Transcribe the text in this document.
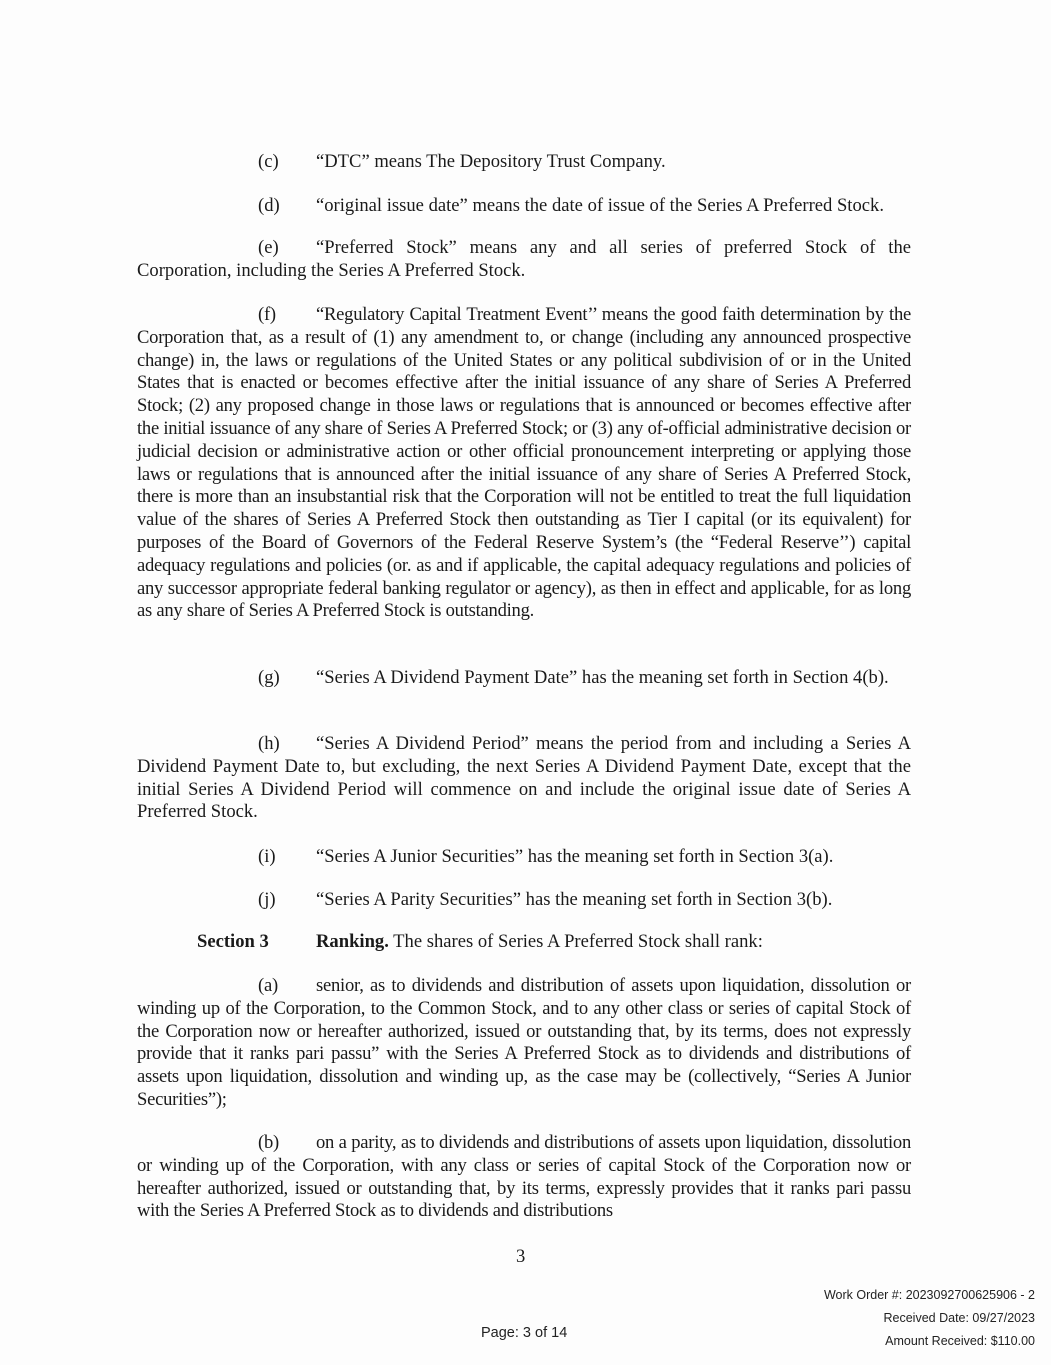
(c) “DTC” means The Depository Trust Company.

(d) “original issue date” means the date of issue of the Series A Preferred Stock.

(e) “Preferred Stock” means any and all series of preferred Stock of the Corporation, including the Series A Preferred Stock.

(f) “Regulatory Capital Treatment Event’’ means the good faith determination by the Corporation that, as a result of (1) any amendment to, or change (including any announced prospective change) in, the laws or regulations of the United States or any political subdivision of or in the United States that is enacted or becomes effective after the initial issuance of any share of Series A Preferred Stock; (2) any proposed change in those laws or regulations that is announced or becomes effective after the initial issuance of any share of Series A Preferred Stock; or (3) any of-official administrative decision or judicial decision or administrative action or other official pronouncement interpreting or applying those laws or regulations that is announced after the initial issuance of any share of Series A Preferred Stock, there is more than an insubstantial risk that the Corporation will not be entitled to treat the full liquidation value of the shares of Series A Preferred Stock then outstanding as Tier I capital (or its equivalent) for purposes of the Board of Governors of the Federal Reserve System’s (the “Federal Reserve’’) capital adequacy regulations and policies (or. as and if applicable, the capital adequacy regulations and policies of any successor appropriate federal banking regulator or agency), as then in effect and applicable, for as long as any share of Series A Preferred Stock is outstanding.

(g) “Series A Dividend Payment Date” has the meaning set forth in Section 4(b).

(h) “Series A Dividend Period” means the period from and including a Series A Dividend Payment Date to, but excluding, the next Series A Dividend Payment Date, except that the initial Series A Dividend Period will commence on and include the original issue date of Series A Preferred Stock.

(i) “Series A Junior Securities” has the meaning set forth in Section 3(a).

(j) “Series A Parity Securities” has the meaning set forth in Section 3(b).

Section 3	Ranking. The shares of Series A Preferred Stock shall rank:

(a) senior, as to dividends and distribution of assets upon liquidation, dissolution or winding up of the Corporation, to the Common Stock, and to any other class or series of capital Stock of the Corporation now or hereafter authorized, issued or outstanding that, by its terms, does not expressly provide that it ranks pari passu” with the Series A Preferred Stock as to dividends and distributions of assets upon liquidation, dissolution and winding up, as the case may be (collectively, “Series A Junior Securities”);

(b) on a parity, as to dividends and distributions of assets upon liquidation, dissolution or winding up of the Corporation, with any class or series of capital Stock of the Corporation now or hereafter authorized, issued or outstanding that, by its terms, expressly provides that it ranks pari passu with the Series A Preferred Stock as to dividends and distributions

3

Work Order #: 2023092700625906 - 2
Received Date: 09/27/2023
Amount Received: $110.00
Page: 3 of 14
